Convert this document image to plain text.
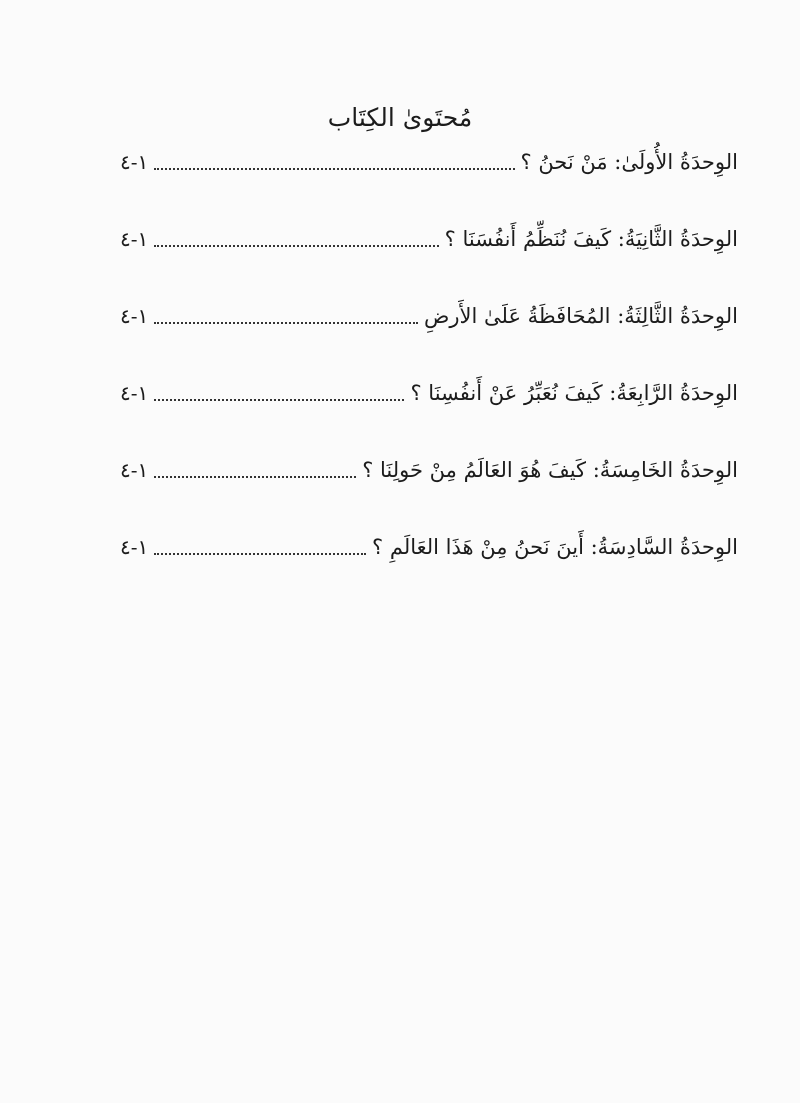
مُحتَوىٰ الكِتَاب
الوِحدَةُ الأُولَىٰ: مَنْ نَحنُ ؟
١-٤
الوِحدَةُ الثَّانِيَةُ: كَيفَ نُنَظِّمُ أَنفُسَنَا ؟
١-٤
الوِحدَةُ الثَّالِثَةُ: المُحَافَظَةُ عَلَىٰ الأَرضِ
١-٤
الوِحدَةُ الرَّابِعَةُ: كَيفَ نُعَبِّرُ عَنْ أَنفُسِنَا ؟
١-٤
الوِحدَةُ الخَامِسَةُ: كَيفَ هُوَ العَالَمُ مِنْ حَولِنَا ؟
١-٤
الوِحدَةُ السَّادِسَةُ: أَينَ نَحنُ مِنْ هَذَا العَالَمِ ؟
١-٤
